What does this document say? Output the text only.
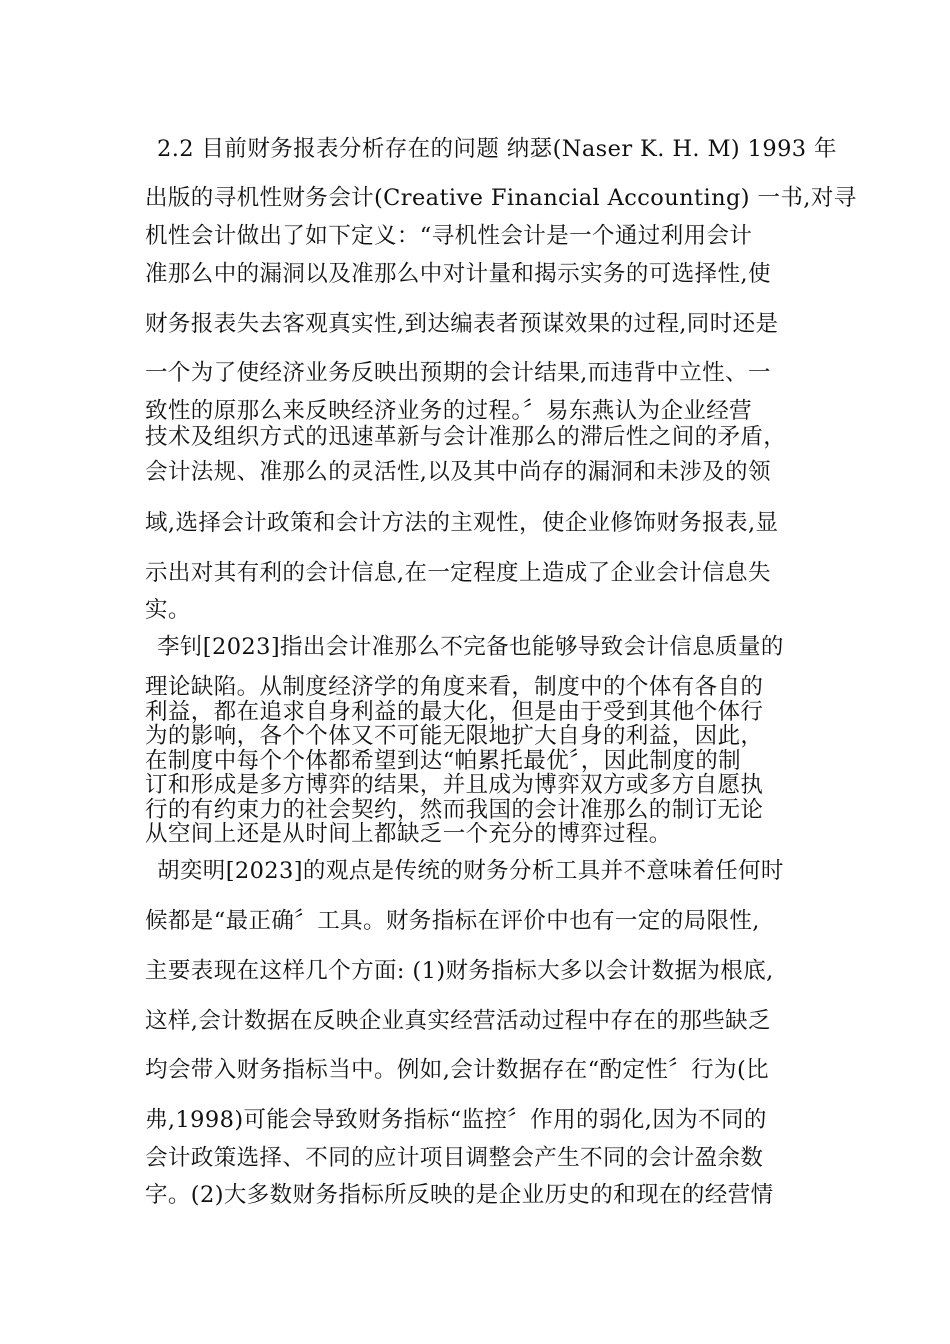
2.2 目前财务报表分析存在的问题 纳瑟(Naser K. H. M) 1993 年
出版的寻机性财务会计(Creative Financial Accounting) 一书,对寻
机性会计做出了如下定义：“寻机性会计是一个通过利用会计
准那么中的漏洞以及准那么中对计量和揭示实务的可选择性,使
财务报表失去客观真实性,到达编表者预谋效果的过程,同时还是
一个为了使经济业务反映出预期的会计结果,而违背中立性、一
致性的原那么来反映经济业务的过程。〞易东燕认为企业经营
技术及组织方式的迅速革新与会计准那么的滞后性之间的矛盾，
会计法规、准那么的灵活性,以及其中尚存的漏洞和未涉及的领
域,选择会计政策和会计方法的主观性，使企业修饰财务报表,显
示出对其有利的会计信息,在一定程度上造成了企业会计信息失
实。
李钊[2023]指出会计准那么不完备也能够导致会计信息质量的
理论缺陷。从制度经济学的角度来看，制度中的个体有各自的
利益，都在追求自身利益的最大化，但是由于受到其他个体行
为的影响，各个个体又不可能无限地扩大自身的利益，因此，
在制度中每个个体都希望到达“帕累托最优〞，因此制度的制
订和形成是多方博弈的结果，并且成为博弈双方或多方自愿执
行的有约束力的社会契约，然而我国的会计准那么的制订无论
从空间上还是从时间上都缺乏一个充分的博弈过程。
胡奕明[2023]的观点是传统的财务分析工具并不意味着任何时
候都是“最正确〞工具。财务指标在评价中也有一定的局限性,
主要表现在这样几个方面: (1)财务指标大多以会计数据为根底,
这样,会计数据在反映企业真实经营活动过程中存在的那些缺乏
均会带入财务指标当中。例如,会计数据存在“酌定性〞行为(比
弗,1998)可能会导致财务指标“监控〞作用的弱化,因为不同的
会计政策选择、不同的应计项目调整会产生不同的会计盈余数
字。(2)大多数财务指标所反映的是企业历史的和现在的经营情
